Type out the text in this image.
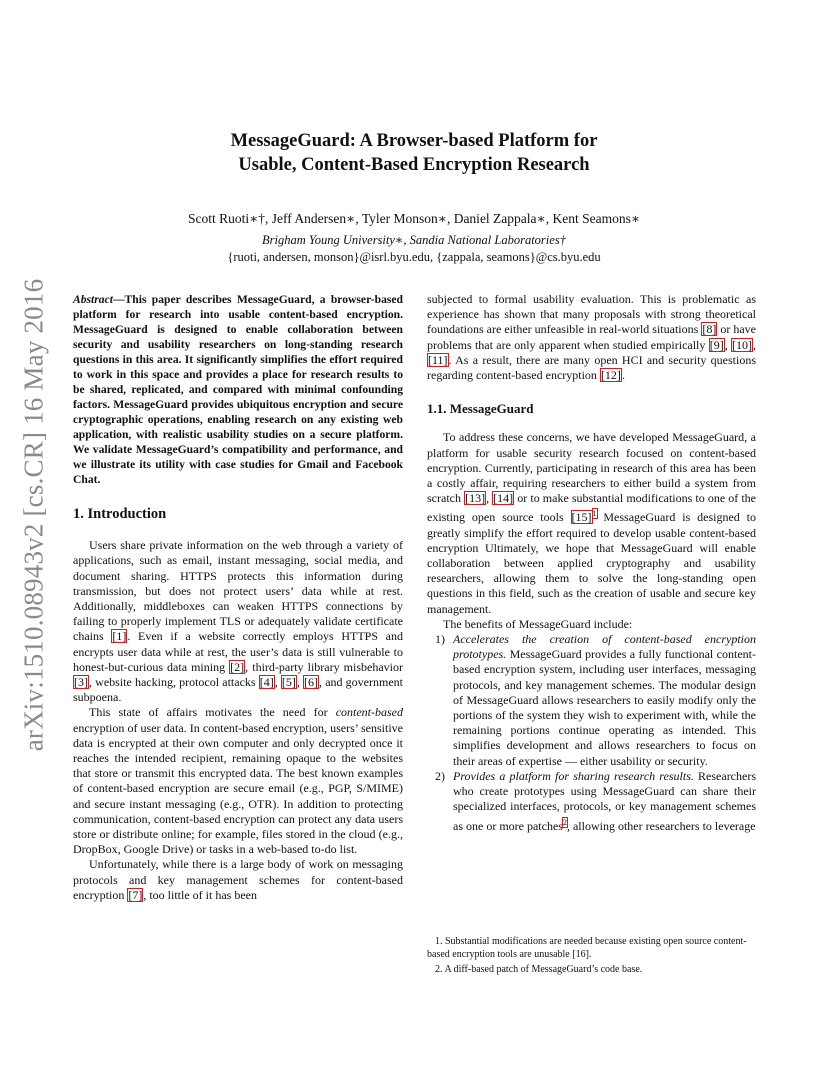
arXiv:1510.08943v2 [cs.CR] 16 May 2016
MessageGuard: A Browser-based Platform for
Usable, Content-Based Encryption Research
Scott Ruoti∗†, Jeff Andersen∗, Tyler Monson∗, Daniel Zappala∗, Kent Seamons∗
Brigham Young University∗, Sandia National Laboratories†
{ruoti, andersen, monson}@isrl.byu.edu, {zappala, seamons}@cs.byu.edu

Abstract—This paper describes MessageGuard, a browser-based platform for research into usable content-based encryption. MessageGuard is designed to enable collaboration between security and usability researchers on long-standing research questions in this area. It significantly simplifies the effort required to work in this space and provides a place for research results to be shared, replicated, and compared with minimal confounding factors. MessageGuard provides ubiquitous encryption and secure cryptographic operations, enabling research on any existing web application, with realistic usability studies on a secure platform. We validate MessageGuard’s compatibility and performance, and we illustrate its utility with case studies for Gmail and Facebook Chat.

1. Introduction

Users share private information on the web through a variety of applications, such as email, instant messaging, social media, and document sharing. HTTPS protects this information during transmission, but does not protect users’ data while at rest. Additionally, middleboxes can weaken HTTPS connections by failing to properly implement TLS or adequately validate certificate chains [1]. Even if a website correctly employs HTTPS and encrypts user data while at rest, the user’s data is still vulnerable to honest-but-curious data mining [2], third-party library misbehavior [3], website hacking, protocol attacks [4], [5], [6], and government subpoena.

This state of affairs motivates the need for content-based encryption of user data. In content-based encryption, users’ sensitive data is encrypted at their own computer and only decrypted once it reaches the intended recipient, remaining opaque to the websites that store or transmit this encrypted data. The best known examples of content-based encryption are secure email (e.g., PGP, S/MIME) and secure instant messaging (e.g., OTR). In addition to protecting communication, content-based encryption can protect any data users store or distribute online; for example, files stored in the cloud (e.g., DropBox, Google Drive) or tasks in a web-based to-do list.

Unfortunately, while there is a large body of work on messaging protocols and key management schemes for content-based encryption [7], too little of it has been

subjected to formal usability evaluation. This is problematic as experience has shown that many proposals with strong theoretical foundations are either unfeasible in real-world situations [8] or have problems that are only apparent when studied empirically [9], [10], [11]. As a result, there are many open HCI and security questions regarding content-based encryption [12].

1.1. MessageGuard

To address these concerns, we have developed MessageGuard, a platform for usable security research focused on content-based encryption. Currently, participating in research of this area has been a costly affair, requiring researchers to either build a system from scratch [13], [14] or to make substantial modifications to one of the existing open source tools [15]$^1$ MessageGuard is designed to greatly simplify the effort required to develop usable content-based encryption Ultimately, we hope that MessageGuard will enable collaboration between applied cryptography and usability researchers, allowing them to solve the long-standing open questions in this field, such as the creation of usable and secure key management.

The benefits of MessageGuard include:

1) Accelerates the creation of content-based encryption prototypes. MessageGuard provides a fully functional content-based encryption system, including user interfaces, messaging protocols, and key management schemes. The modular design of MessageGuard allows researchers to easily modify only the portions of the system they wish to experiment with, while the remaining portions continue operating as intended. This simplifies development and allows researchers to focus on their areas of expertise — either usability or security.
2) Provides a platform for sharing research results. Researchers who create prototypes using MessageGuard can share their specialized interfaces, protocols, or key management schemes as one or more patches$^2$, allowing other researchers to leverage

1. Substantial modifications are needed because existing open source content-based encryption tools are unusable [16].

2. A diff-based patch of MessageGuard’s code base.
